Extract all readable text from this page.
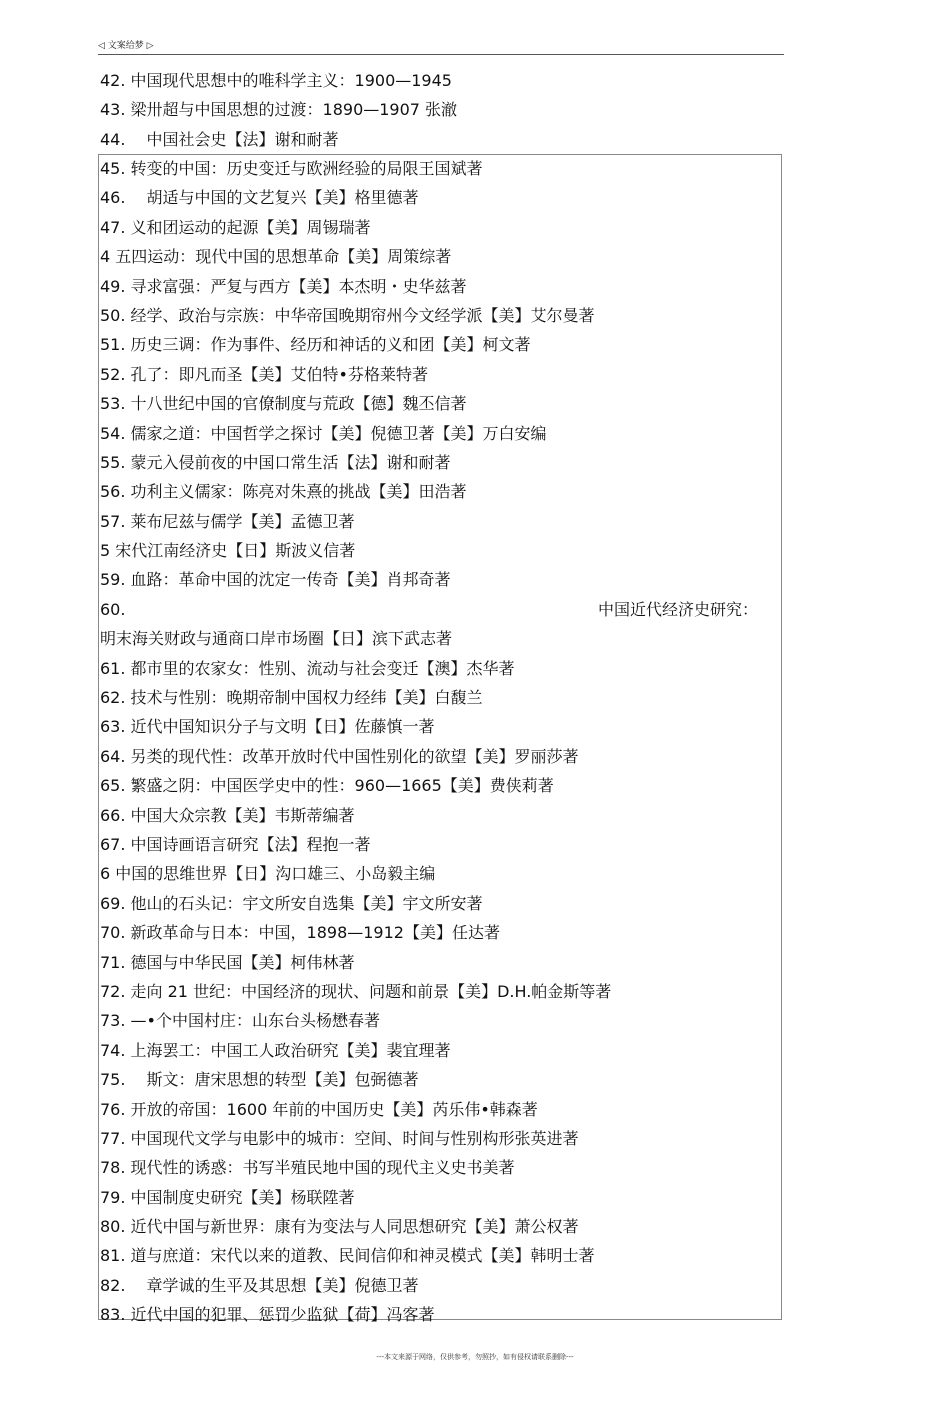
◁ 文案给梦 ▷
42. 中国现代思想中的唯科学主义：1900—1945
43. 梁卅超与中国思想的过渡：1890—1907 张澈
44.　 中国社会史【法】谢和耐著
45. 转变的中国：历史变迁与欧洲经验的局限王国斌著
46.　 胡适与中国的文艺复兴【美】格里德著
47. 义和团运动的起源【美】周锡瑞著
4 五四运动：现代中国的思想革命【美】周策综著
49. 寻求富强：严复与西方【美】本杰明・史华兹著
50. 经学、政治与宗族：中华帝国晚期帘州今文经学派【美】艾尔曼著
51. 历史三调：作为事件、经历和神话的义和团【美】柯文著
52. 孔了：即凡而圣【美】艾伯特•芬格莱特著
53. 十八世纪中国的官僚制度与荒政【德】魏丕信著
54. 儒家之道：中国哲学之探讨【美】倪德卫著【美】万白安编
55. 蒙元入侵前夜的中国口常生活【法】谢和耐著
56. 功利主义儒家：陈亮对朱熹的挑战【美】田浩著
57. 莱布尼兹与儒学【美】孟德卫著
5 宋代江南经济史【日】斯波义信著
59. 血路：革命中国的沈定一传奇【美】肖邦奇著
60.	中国近代经济史研究：
明末海关财政与通商口岸市场圈【日】滨下武志著
61. 都市里的农家女：性别、流动与社会变迁【澳】杰华著
62. 技术与性别：晚期帝制中国权力经纬【美】白馥兰
63. 近代中国知识分子与文明【日】佐藤慎一著
64. 另类的现代性：改革开放时代中国性别化的欲望【美】罗丽莎著
65. 繁盛之阴：中国医学史中的性：960—1665【美】费侠莉著
66. 中国大众宗教【美】韦斯蒂编著
67. 中国诗画语言研究【法】程抱一著
6 中国的思维世界【日】沟口雄三、小岛毅主编
69. 他山的石头记：宇文所安自选集【美】宇文所安著
70. 新政革命与日本：中国，1898—1912【美】任达著
71. 德国与中华民国【美】柯伟林著
72. 走向 21 世纪：中国经济的现状、问题和前景【美】D.H.帕金斯等著
73. —•个中国村庄：山东台头杨懋春著
74. 上海罢工：中国工人政治研究【美】裴宜理著
75.　 斯文：唐宋思想的转型【美】包弼德著
76. 开放的帝国：1600 年前的中国历史【美】芮乐伟•韩森著
77. 中国现代文学与电影中的城市：空间、时间与性别构形张英进著
78. 现代性的诱惑：书写半殖民地中国的现代主义史书美著
79. 中国制度史研究【美】杨联陞著
80. 近代中国与新世界：康有为变法与人同思想研究【美】萧公权著
81. 道与庶道：宋代以来的道教、民间信仰和神灵模式【美】韩明士著
82.　 章学诚的生平及其思想【美】倪德卫著
83. 近代中国的犯罪、惩罚少监狱【荷】冯客著
---本文来源于网络，仅供参考，勿照抄，如有侵权请联系删除---
